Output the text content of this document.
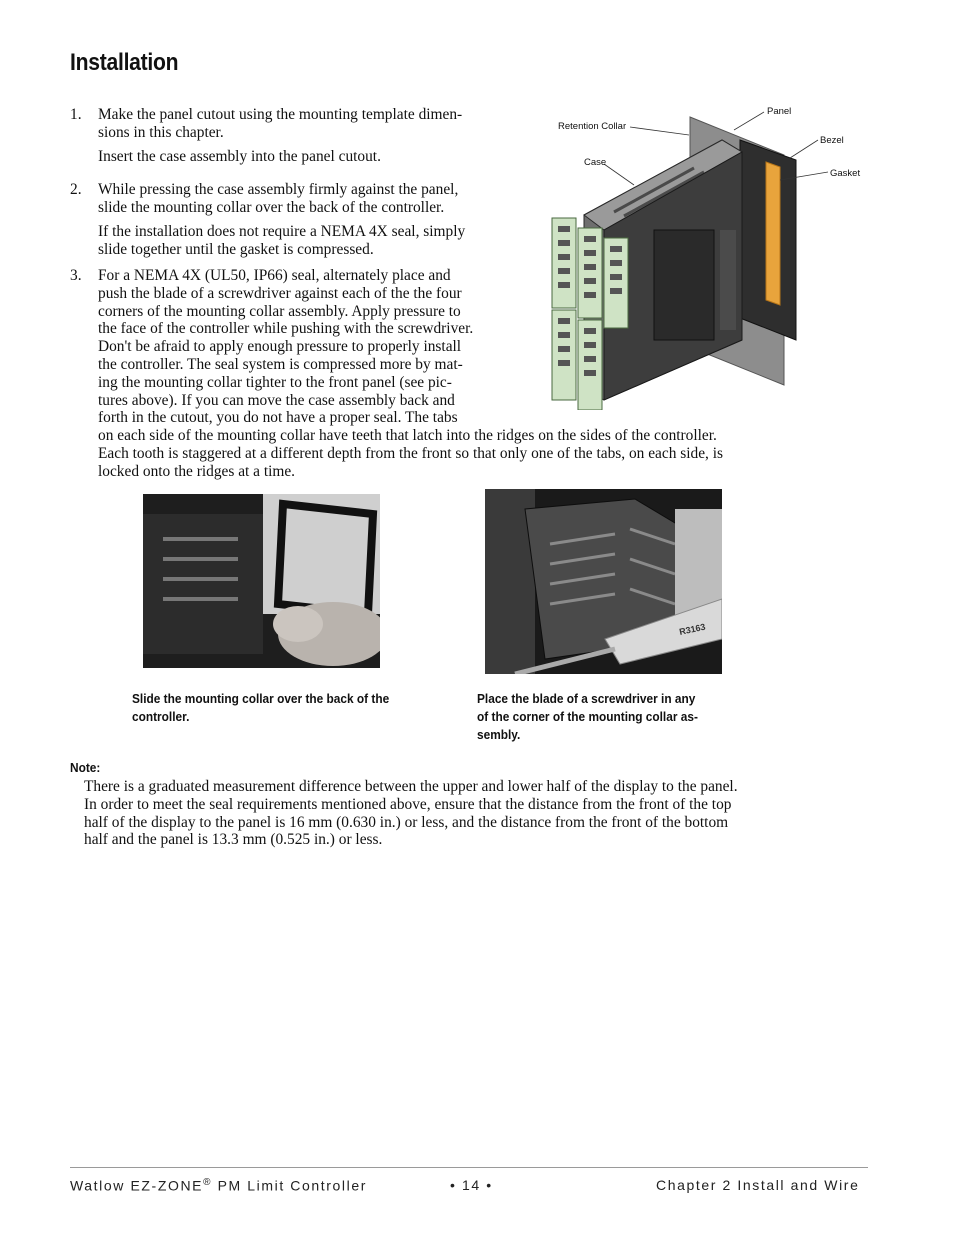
Installation
1. Make the panel cutout using the mounting template dimen-
sions in this chapter.
Insert the case assembly into the panel cutout.
2. While pressing the case assembly firmly against the panel,
slide the mounting collar over the back of the controller.
If the installation does not require a NEMA 4X seal, simply
slide together until the gasket is compressed.
3. For a NEMA 4X (UL50, IP66) seal, alternately place and
push the blade of a screwdriver against each of the the four
corners of the mounting collar assembly. Apply pressure to
the face of the controller while pushing with the screwdriver.
Don't be afraid to apply enough pressure to properly install
the controller. The seal system is compressed more by mat-
ing the mounting collar tighter to the front panel (see pic-
tures above). If you can move the case assembly back and
forth in the cutout, you do not have a proper seal. The tabs
on each side of the mounting collar have teeth that latch into the ridges on the sides of the controller.
Each tooth is staggered at a different depth from the front so that only one of the tabs, on each side, is
locked onto the ridges at a time.
Panel
Retention Collar
Bezel
Case
Gasket
R3163
Slide the mounting collar over the back of the
controller.
Place the blade of a screwdriver in any
of the corner of the mounting collar as-
sembly.
Note:
There is a graduated measurement difference between the upper and lower half of the display to the panel.
In order to meet the seal requirements mentioned above, ensure that the distance from the front of the top
half of the display to the panel is 16 mm (0.630 in.) or less, and the distance from the front of the bottom
half and the panel is 13.3 mm (0.525 in.) or less.
Watlow EZ-ZONE® PM Limit Controller	• 14 •	Chapter 2 Install and Wire
